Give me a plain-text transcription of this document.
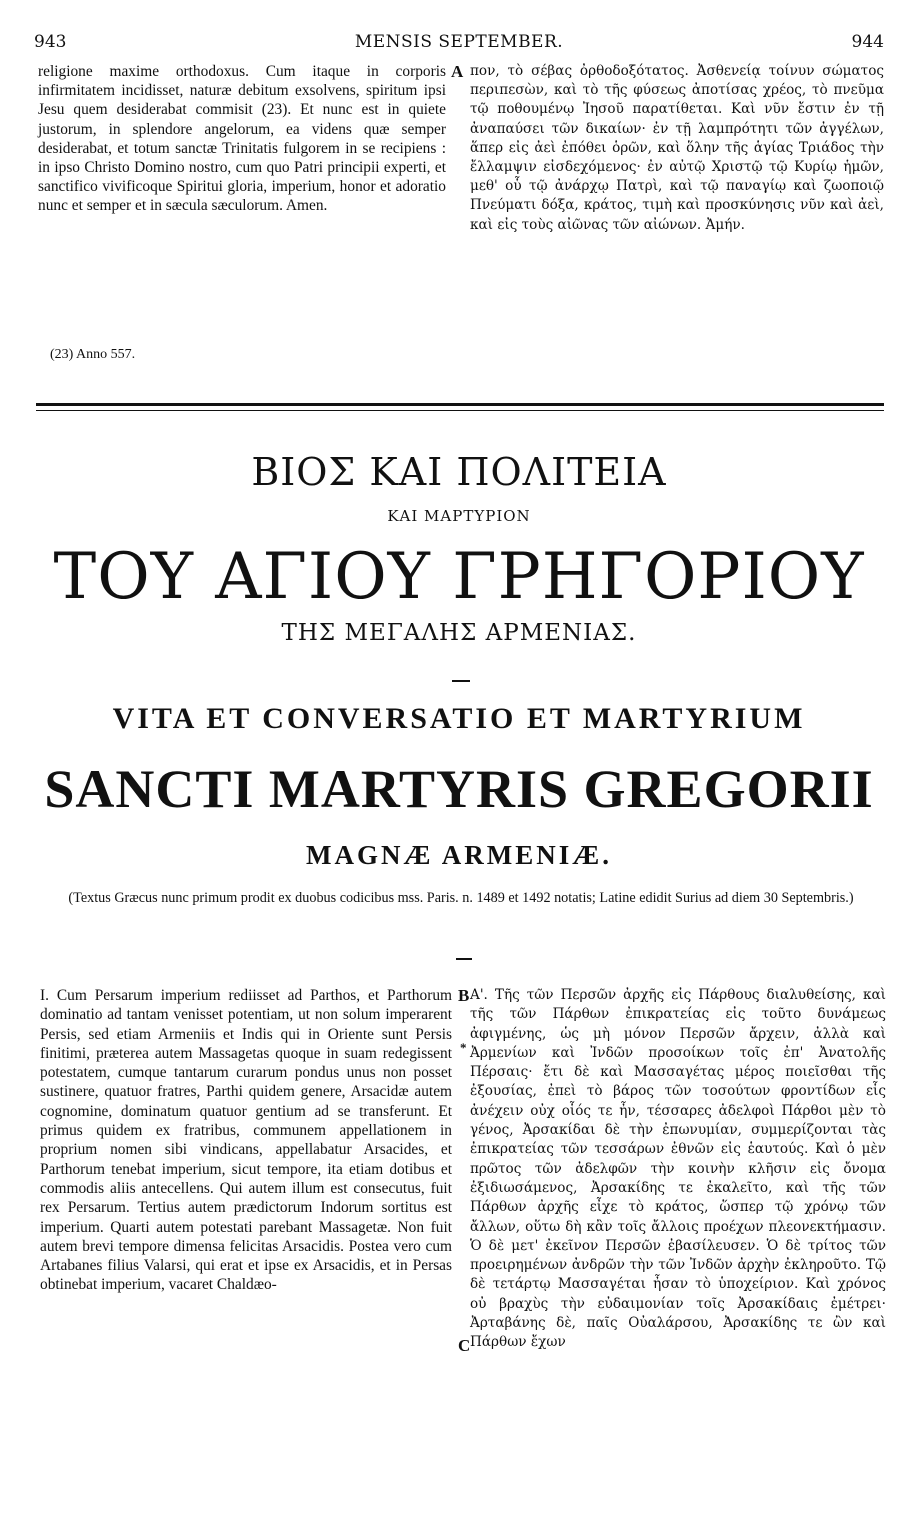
943	MENSIS SEPTEMBER.	944

religione maxime orthodoxus. Cum itaque in corporis infirmitatem incidisset, naturæ debitum exsolvens, spiritum ipsi Jesu quem desiderabat commisit (23). Et nunc est in quiete justorum, in splendore angelorum, ea videns quæ semper desiderabat, et totum sanctæ Trinitatis fulgorem in se recipiens : in ipso Christo Domino nostro, cum quo Patri principii experti, et sanctifico vivificoque Spiritui gloria, imperium, honor et adoratio nunc et semper et in sæcula sæculorum. Amen.

A πον, τὸ σέβας ὀρθοδοξότατος. Ἀσθενείᾳ τοίνυν σώματος περιπεσὼν, καὶ τὸ τῆς φύσεως ἀποτίσας χρέος, τὸ πνεῦμα τῷ ποθουμένῳ Ἰησοῦ παρατίθεται. Καὶ νῦν ἔστιν ἐν τῇ ἀναπαύσει τῶν δικαίων· ἐν τῇ λαμπρότητι τῶν ἀγγέλων, ἅπερ εἰς ἀεὶ ἐπόθει ὁρῶν, καὶ ὅλην τῆς ἁγίας Τριάδος τὴν ἔλλαμψιν εἰσδεχόμενος· ἐν αὐτῷ Χριστῷ τῷ Κυρίῳ ἡμῶν, μεθ' οὗ τῷ ἀνάρχῳ Πατρὶ, καὶ τῷ παναγίῳ καὶ ζωοποιῷ Πνεύματι δόξα, κράτος, τιμὴ καὶ προσκύνησις νῦν καὶ ἀεὶ, καὶ εἰς τοὺς αἰῶνας τῶν αἰώνων. Ἀμήν.

(23) Anno 557.
ΒΙΟΣ ΚΑΙ ΠΟΛΙΤΕΙΑ
ΚΑΙ ΜΑΡΤΥΡΙΟΝ
ΤΟΥ ΑΓΙΟΥ ΓΡΗΓΟΡΙΟΥ
ΤΗΣ ΜΕΓΑΛΗΣ ΑΡΜΕΝΙΑΣ.
VITA ET CONVERSATIO ET MARTYRIUM
SANCTI MARTYRIS GREGORII
MAGNÆ ARMENIÆ.
(Textus Græcus nunc primum prodit ex duobus codicibus mss. Paris. n. 1489 et 1492 notatis; Latine edidit Surius ad diem 30 Septembris.)

I. Cum Persarum imperium rediisset ad Parthos, et Parthorum dominatio ad tantam venisset potentiam, ut non solum imperarent Persis, sed etiam Armeniis et Indis qui in Oriente sunt Persis finitimi, præterea autem Massagetas quoque in suam redegissent potestatem, cumque tantarum curarum pondus unus non posset sustinere, quatuor fratres, Parthi quidem genere, Arsacidæ autem cognomine, dominatum quatuor gentium ad se transferunt. Et primus quidem ex fratribus, communem appellationem in proprium nomen sibi vindicans, appellabatur Arsacides, et Parthorum tenebat imperium, sicut tempore, ita etiam dotibus et commodis aliis antecellens. Qui autem illum est consecutus, fuit rex Persarum. Tertius autem prædictorum Indorum sortitus est imperium. Quarti autem potestati parebant Massagetæ. Non fuit autem brevi tempore dimensa felicitas Arsacidis. Postea vero cum Artabanes filius Valarsi, qui erat et ipse ex Arsacidis, et in Persas obtinebat imperium, vacaret Chaldæo-

B
*
C

Α'. Τῆς τῶν Περσῶν ἀρχῆς εἰς Πάρθους διαλυθείσης, καὶ τῆς τῶν Πάρθων ἐπικρατείας εἰς τοῦτο δυνάμεως ἀφιγμένης, ὡς μὴ μόνον Περσῶν ἄρχειν, ἀλλὰ καὶ Ἀρμενίων καὶ Ἰνδῶν προσοίκων τοῖς ἐπ' Ἀνατολῆς Πέρσαις· ἔτι δὲ καὶ Μασσαγέτας μέρος ποιεῖσθαι τῆς ἐξουσίας, ἐπεὶ τὸ βάρος τῶν τοσούτων φροντίδων εἷς ἀνέχειν οὐχ οἷός τε ἦν, τέσσαρες ἀδελφοὶ Πάρθοι μὲν τὸ γένος, Ἀρσακίδαι δὲ τὴν ἐπωνυμίαν, συμμερίζονται τὰς ἐπικρατείας τῶν τεσσάρων ἐθνῶν εἰς ἑαυτούς. Καὶ ὁ μὲν πρῶτος τῶν ἀδελφῶν τὴν κοινὴν κλῆσιν εἰς ὄνομα ἐξιδιωσάμενος, Ἀρσακίδης τε ἐκαλεῖτο, καὶ τῆς τῶν Πάρθων ἀρχῆς εἶχε τὸ κράτος, ὥσπερ τῷ χρόνῳ τῶν ἄλλων, οὕτω δὴ κἂν τοῖς ἄλλοις προέχων πλεονεκτήμασιν. Ὁ δὲ μετ' ἐκεῖνον Περσῶν ἐβασίλευσεν. Ὁ δὲ τρίτος τῶν προειρημένων ἀνδρῶν τὴν τῶν Ἰνδῶν ἀρχὴν ἐκληροῦτο. Τῷ δὲ τετάρτῳ Μασσαγέται ἦσαν τὸ ὑποχείριον. Καὶ χρόνος οὐ βραχὺς τὴν εὐδαιμονίαν τοῖς Ἀρσακίδαις ἐμέτρει· Ἀρταβάνης δὲ, παῖς Οὐαλάρσου, Ἀρσακίδης τε ὢν καὶ Πάρθων ἔχων
